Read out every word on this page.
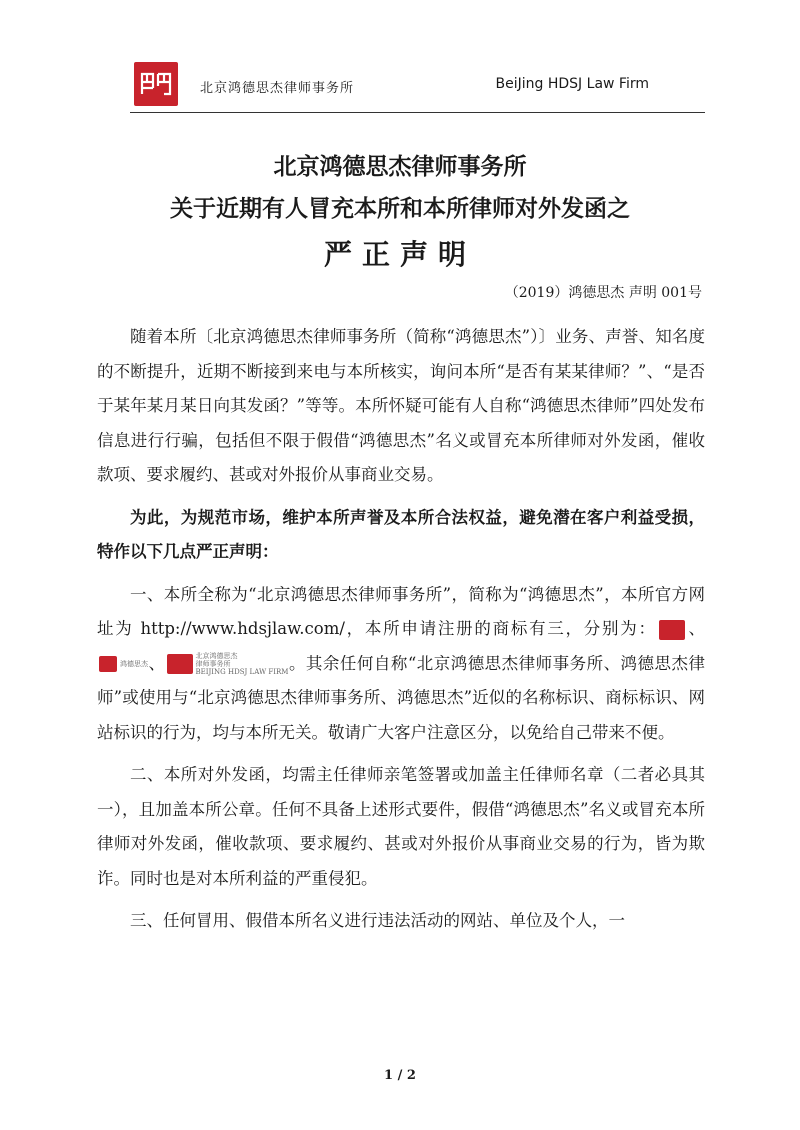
北京鸿德思杰律师事务所	BeiJing HDSJ Law Firm
北京鸿德思杰律师事务所
关于近期有人冒充本所和本所律师对外发函之
严正声明
（2019）鸿德思杰 声明 001号

随着本所〔北京鸿德思杰律师事务所（简称“鸿德思杰”）〕业务、声誉、知名度的不断提升，近期不断接到来电与本所核实，询问本所“是否有某某律师？”、“是否于某年某月某日向其发函？”等等。本所怀疑可能有人自称“鸿德思杰律师”四处发布信息进行行骗，包括但不限于假借“鸿德思杰”名义或冒充本所律师对外发函，催收款项、要求履约、甚或对外报价从事商业交易。

为此，为规范市场，维护本所声誉及本所合法权益，避免潜在客户利益受损，特作以下几点严正声明：

一、本所全称为“北京鸿德思杰律师事务所”，简称为“鸿德思杰”，本所官方网址为 http://www.hdsjlaw.com/，本所申请注册的商标有三，分别为： 、
鸿德思杰 、	北京鸿德思杰
律师事务所
BEIJING HDSJ LAW FIRM。其余任何自称“北京鸿德思杰律师事务所、鸿德思杰律师”或使用与“北京鸿德思杰律师事务所、鸿德思杰”近似的名称标识、商标标识、网站标识的行为，均与本所无关。敬请广大客户注意区分，以免给自己带来不便。

二、本所对外发函，均需主任律师亲笔签署或加盖主任律师名章（二者必具其一），且加盖本所公章。任何不具备上述形式要件，假借“鸿德思杰”名义或冒充本所律师对外发函，催收款项、要求履约、甚或对外报价从事商业交易的行为，皆为欺诈。同时也是对本所利益的严重侵犯。

三、任何冒用、假借本所名义进行违法活动的网站、单位及个人，一

1 / 2
